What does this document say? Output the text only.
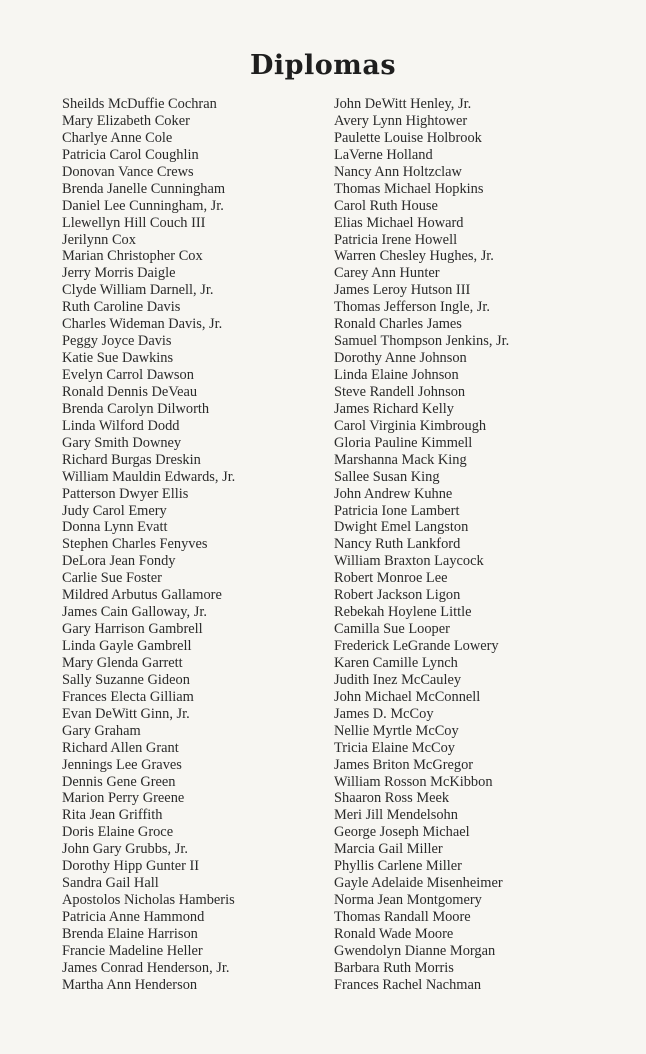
Diplomas
Sheilds McDuffie Cochran
Mary Elizabeth Coker
Charlye Anne Cole
Patricia Carol Coughlin
Donovan Vance Crews
Brenda Janelle Cunningham
Daniel Lee Cunningham, Jr.
Llewellyn Hill Couch III
Jerilynn Cox
Marian Christopher Cox
Jerry Morris Daigle
Clyde William Darnell, Jr.
Ruth Caroline Davis
Charles Wideman Davis, Jr.
Peggy Joyce Davis
Katie Sue Dawkins
Evelyn Carrol Dawson
Ronald Dennis DeVeau
Brenda Carolyn Dilworth
Linda Wilford Dodd
Gary Smith Downey
Richard Burgas Dreskin
William Mauldin Edwards, Jr.
Patterson Dwyer Ellis
Judy Carol Emery
Donna Lynn Evatt
Stephen Charles Fenyves
DeLora Jean Fondy
Carlie Sue Foster
Mildred Arbutus Gallamore
James Cain Galloway, Jr.
Gary Harrison Gambrell
Linda Gayle Gambrell
Mary Glenda Garrett
Sally Suzanne Gideon
Frances Electa Gilliam
Evan DeWitt Ginn, Jr.
Gary Graham
Richard Allen Grant
Jennings Lee Graves
Dennis Gene Green
Marion Perry Greene
Rita Jean Griffith
Doris Elaine Groce
John Gary Grubbs, Jr.
Dorothy Hipp Gunter II
Sandra Gail Hall
Apostolos Nicholas Hamberis
Patricia Anne Hammond
Brenda Elaine Harrison
Francie Madeline Heller
James Conrad Henderson, Jr.
Martha Ann Henderson
John DeWitt Henley, Jr.
Avery Lynn Hightower
Paulette Louise Holbrook
LaVerne Holland
Nancy Ann Holtzclaw
Thomas Michael Hopkins
Carol Ruth House
Elias Michael Howard
Patricia Irene Howell
Warren Chesley Hughes, Jr.
Carey Ann Hunter
James Leroy Hutson III
Thomas Jefferson Ingle, Jr.
Ronald Charles James
Samuel Thompson Jenkins, Jr.
Dorothy Anne Johnson
Linda Elaine Johnson
Steve Randell Johnson
James Richard Kelly
Carol Virginia Kimbrough
Gloria Pauline Kimmell
Marshanna Mack King
Sallee Susan King
John Andrew Kuhne
Patricia Ione Lambert
Dwight Emel Langston
Nancy Ruth Lankford
William Braxton Laycock
Robert Monroe Lee
Robert Jackson Ligon
Rebekah Hoylene Little
Camilla Sue Looper
Frederick LeGrande Lowery
Karen Camille Lynch
Judith Inez McCauley
John Michael McConnell
James D. McCoy
Nellie Myrtle McCoy
Tricia Elaine McCoy
James Briton McGregor
William Rosson McKibbon
Shaaron Ross Meek
Meri Jill Mendelsohn
George Joseph Michael
Marcia Gail Miller
Phyllis Carlene Miller
Gayle Adelaide Misenheimer
Norma Jean Montgomery
Thomas Randall Moore
Ronald Wade Moore
Gwendolyn Dianne Morgan
Barbara Ruth Morris
Frances Rachel Nachman
